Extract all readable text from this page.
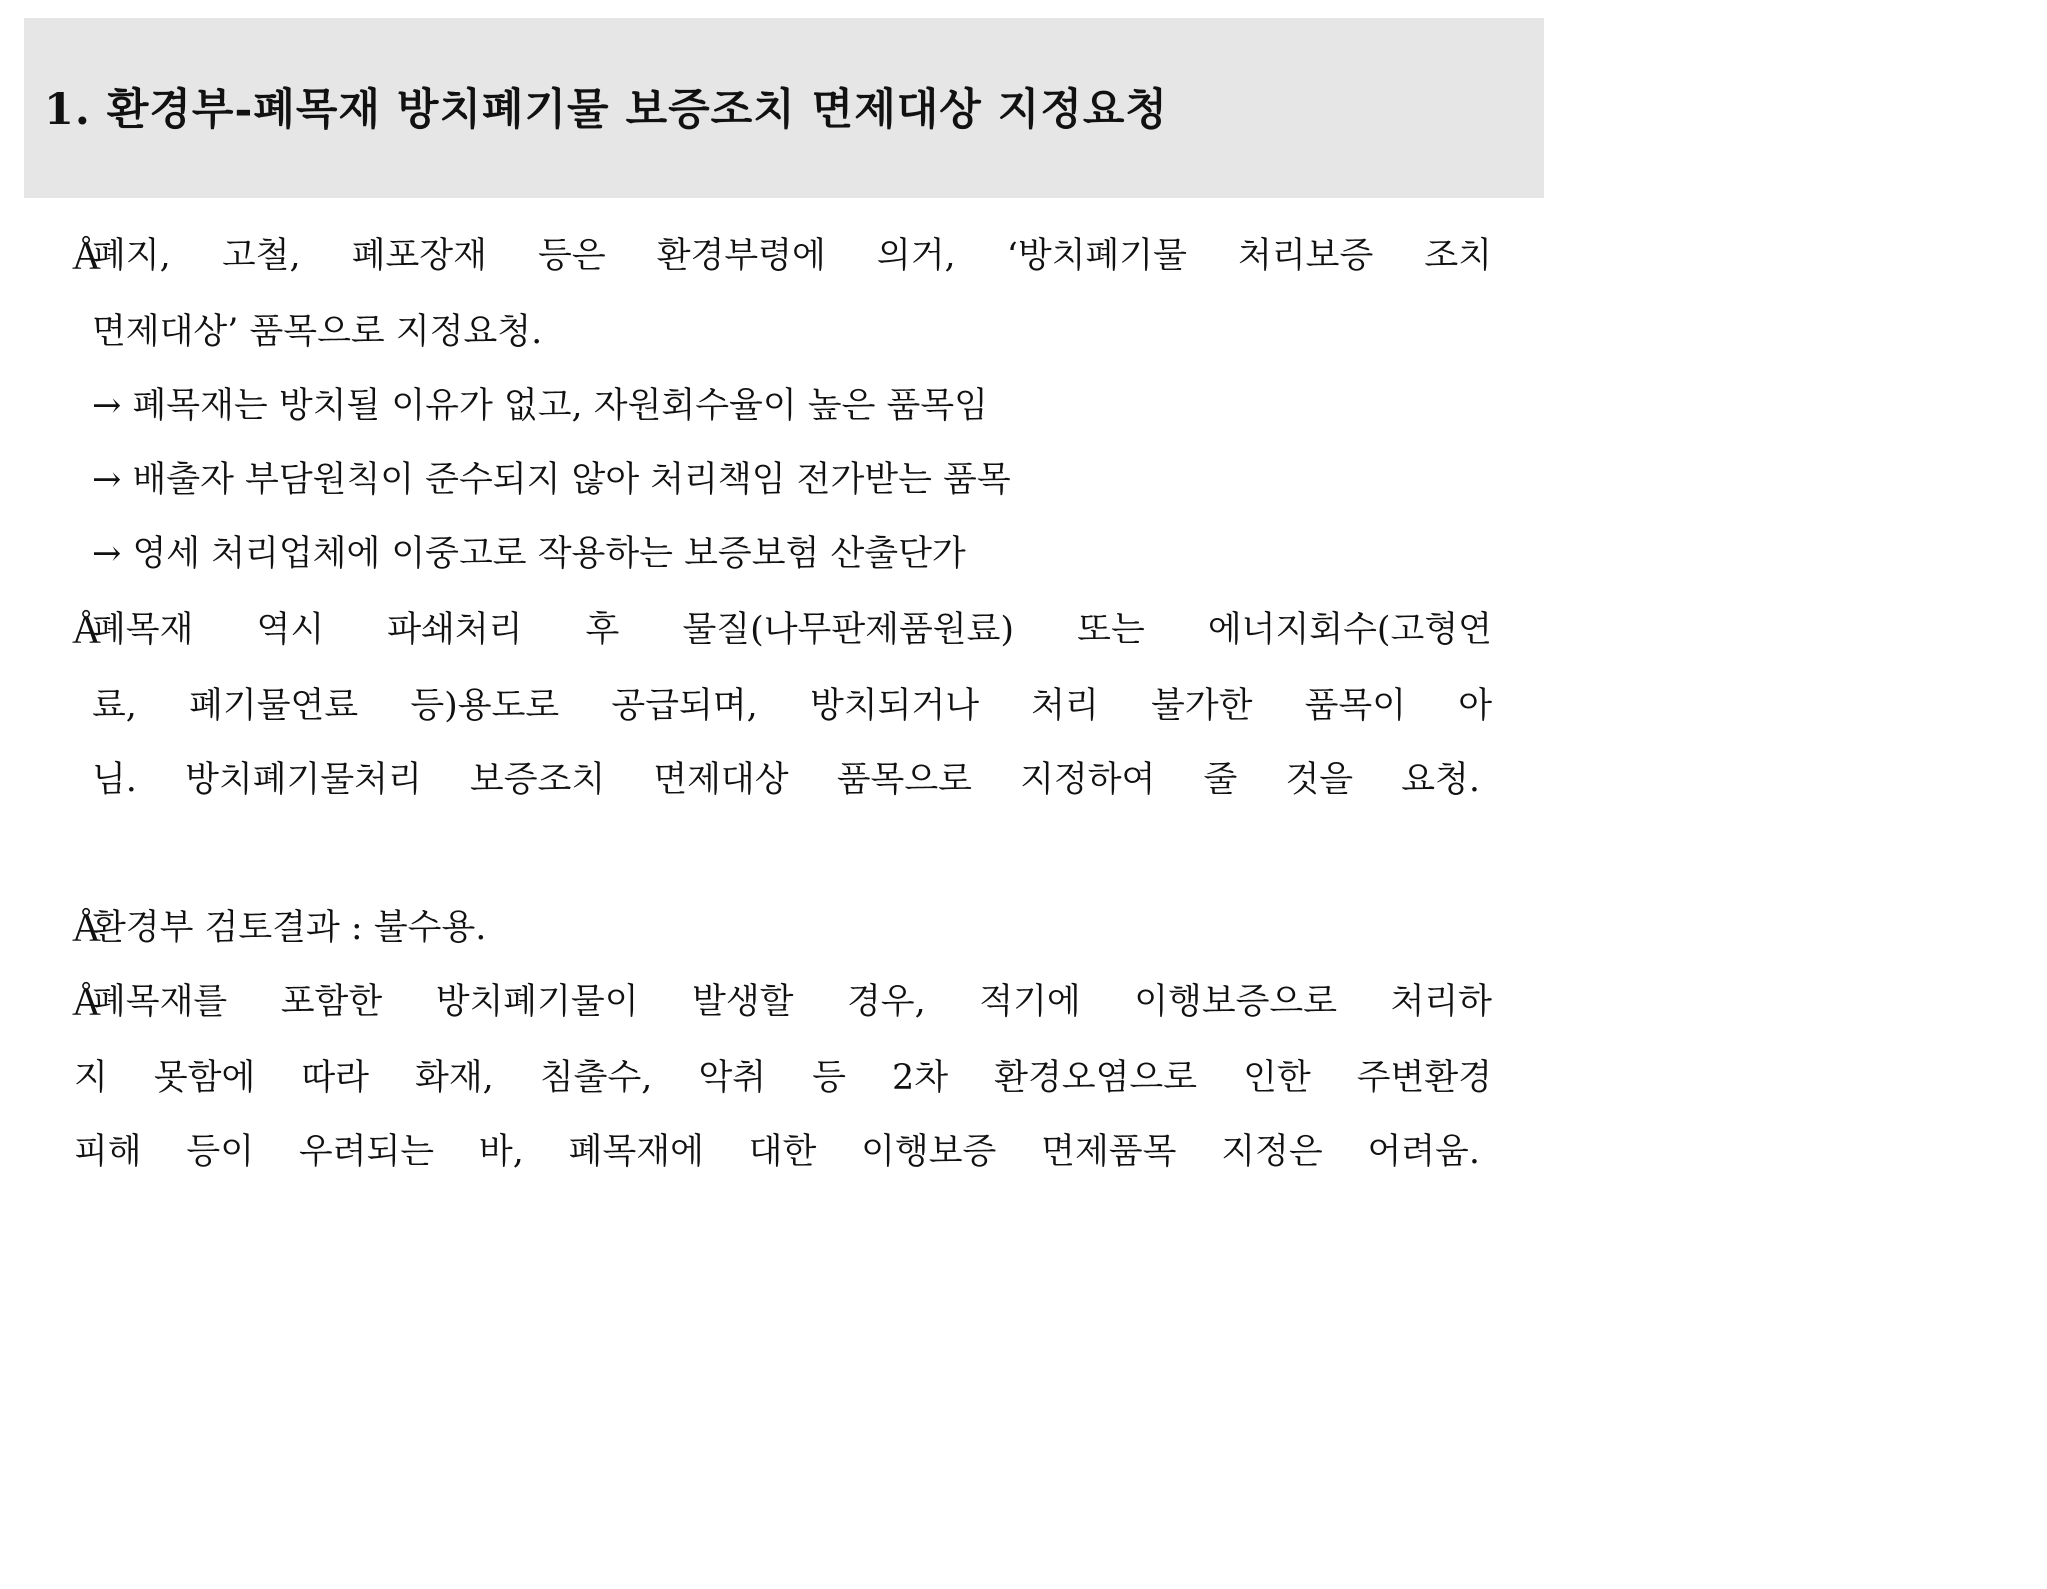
1. 환경부-폐목재 방치폐기물 보증조치 면제대상 지정요청
Å
폐지, 고철, 폐포장재 등은 환경부령에 의거, ‘방치폐기물 처리보증 조치
면제대상’ 품목으로 지정요청.
→ 폐목재는 방치될 이유가 없고, 자원회수율이 높은 품목임
→ 배출자 부담원칙이 준수되지 않아 처리책임 전가받는 품목
→ 영세 처리업체에 이중고로 작용하는 보증보험 산출단가
Å
폐목재 역시 파쇄처리 후 물질(나무판제품원료) 또는 에너지회수(고형연
료, 폐기물연료 등)용도로 공급되며, 방치되거나 처리 불가한 품목이 아
님. 방치폐기물처리 보증조치 면제대상 품목으로 지정하여 줄 것을 요청.
Å
환경부 검토결과 : 불수용.
Å
폐목재를 포함한 방치폐기물이 발생할 경우, 적기에 이행보증으로 처리하
지 못함에 따라 화재, 침출수, 악취 등 2차 환경오염으로 인한 주변환경
피해 등이 우려되는 바, 폐목재에 대한 이행보증 면제품목 지정은 어려움.
